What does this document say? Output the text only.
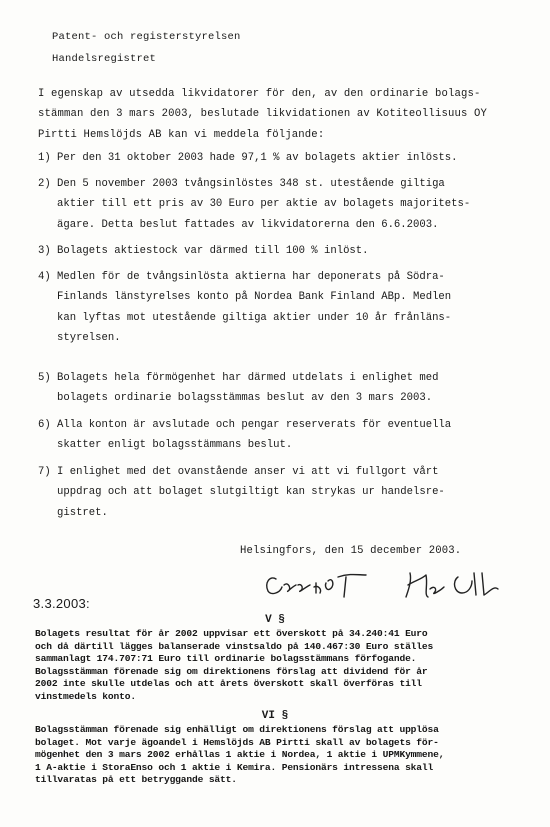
Patent- och registerstyrelsen
Handelsregistret
I egenskap av utsedda likvidatorer för den, av den ordinarie bolags-
stämman den 3 mars 2003, beslutade likvidationen av Kotiteollisuus OY
Pirtti Hemslöjds AB kan vi meddela följande:
1) Per den 31 oktober 2003 hade 97,1 % av bolagets aktier inlösts.
2) Den 5 november 2003 tvångsinlöstes 348 st. utestående giltiga
aktier till ett pris av 30 Euro per aktie av bolagets majoritets-
ägare. Detta beslut fattades av likvidatorerna den 6.6.2003.
3) Bolagets aktiestock var därmed till 100 % inlöst.
4) Medlen för de tvångsinlösta aktierna har deponerats på Södra-
Finlands länstyrelses konto på Nordea Bank Finland ABp. Medlen
kan lyftas mot utestående giltiga aktier under 10 år frånläns-
styrelsen.
5) Bolagets hela förmögenhet har därmed utdelats i enlighet med
bolagets ordinarie bolagsstämmas beslut av den 3 mars 2003.
6) Alla konton är avslutade och pengar reserverats för eventuella
skatter enligt bolagsstämmans beslut.
7) I enlighet med det ovanstående anser vi att vi fullgort vårt
uppdrag och att bolaget slutgiltigt kan strykas ur handelsre-
gistret.
Helsingfors, den 15 december 2003.
3.3.2003:
V §
Bolagets resultat för år 2002 uppvisar ett överskott på 34.240:41 Euro
och då därtill lägges balanserade vinstsaldo på 140.467:30 Euro ställes
sammanlagt 174.707:71 Euro till ordinarie bolagsstämmans förfogande.
Bolagsstämman förenade sig om direktionens förslag att dividend för år
2002 inte skulle utdelas och att årets överskott skall överföras till
vinstmedels konto.
VI §
Bolagsstämman förenade sig enhälligt om direktionens förslag att upplösa
bolaget. Mot varje ägoandel i Hemslöjds AB Pirtti skall av bolagets för-
mögenhet den 3 mars 2002 erhållas 1 aktie i Nordea, 1 aktie i UPMKymmene,
1 A-aktie i StoraEnso och 1 aktie i Kemira. Pensionärs intressena skall
tillvaratas på ett betryggande sätt.
